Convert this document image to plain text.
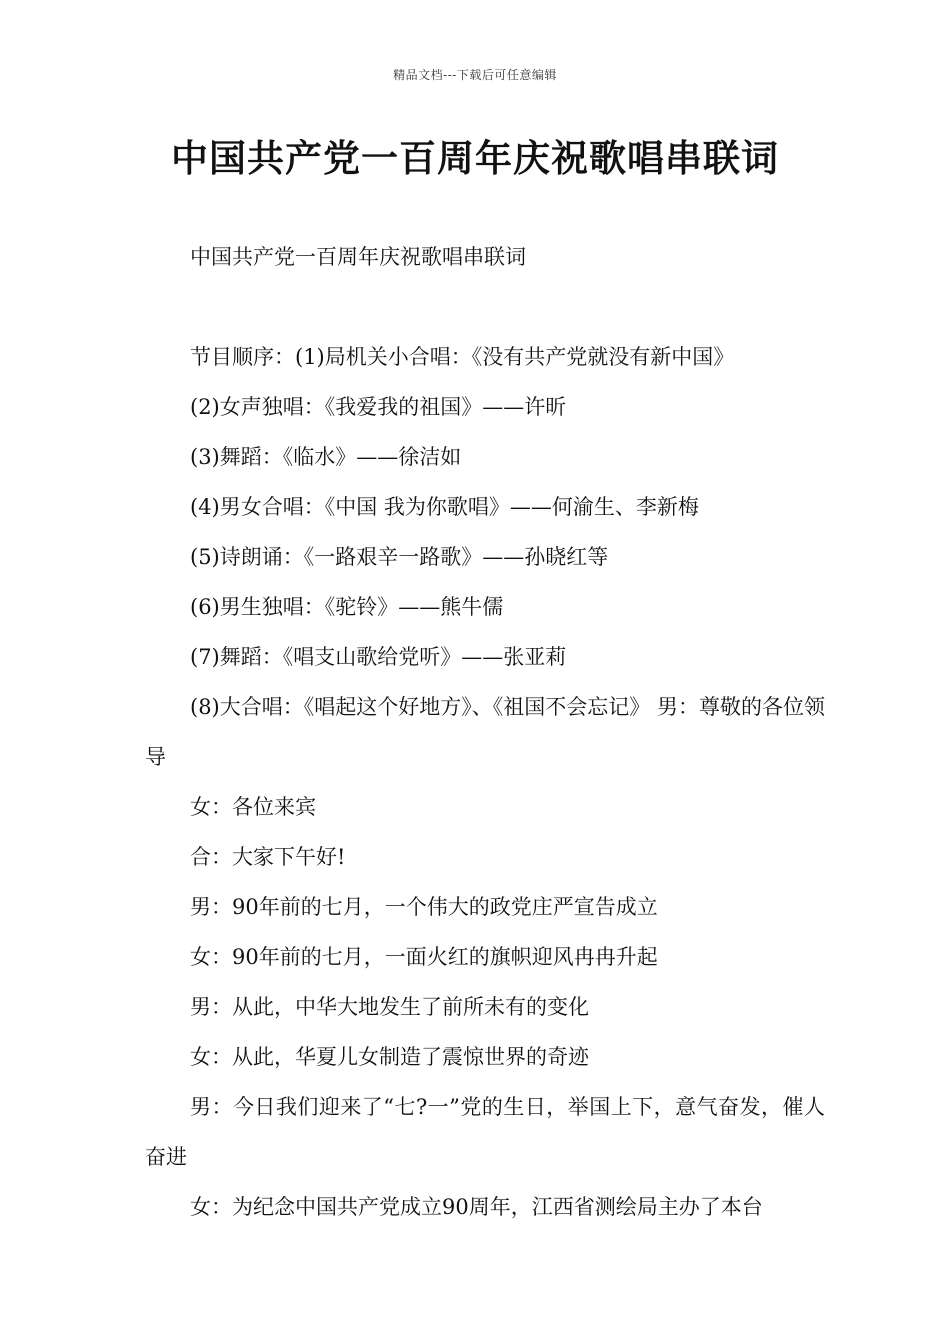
精品文档---下载后可任意编辑
中国共产党一百周年庆祝歌唱串联词

中国共产党一百周年庆祝歌唱串联词

节目顺序：(1)局机关小合唱：《没有共产党就没有新中国》

(2)女声独唱：《我爱我的祖国》——许昕

(3)舞蹈：《临水》——徐洁如

(4)男女合唱：《中国 我为你歌唱》——何渝生、李新梅

(5)诗朗诵：《一路艰辛一路歌》——孙晓红等

(6)男生独唱：《驼铃》——熊牛儒

(7)舞蹈：《唱支山歌给党听》——张亚莉

(8)大合唱：《唱起这个好地方》、《祖国不会忘记》 男：尊敬的各位领导

女：各位来宾

合：大家下午好!

男：90年前的七月，一个伟大的政党庄严宣告成立

女：90年前的七月，一面火红的旗帜迎风冉冉升起

男：从此，中华大地发生了前所未有的变化

女：从此，华夏儿女制造了震惊世界的奇迹

男：今日我们迎来了“七?一”党的生日，举国上下，意气奋发，催人奋进

女：为纪念中国共产党成立90周年，江西省测绘局主办了本台
